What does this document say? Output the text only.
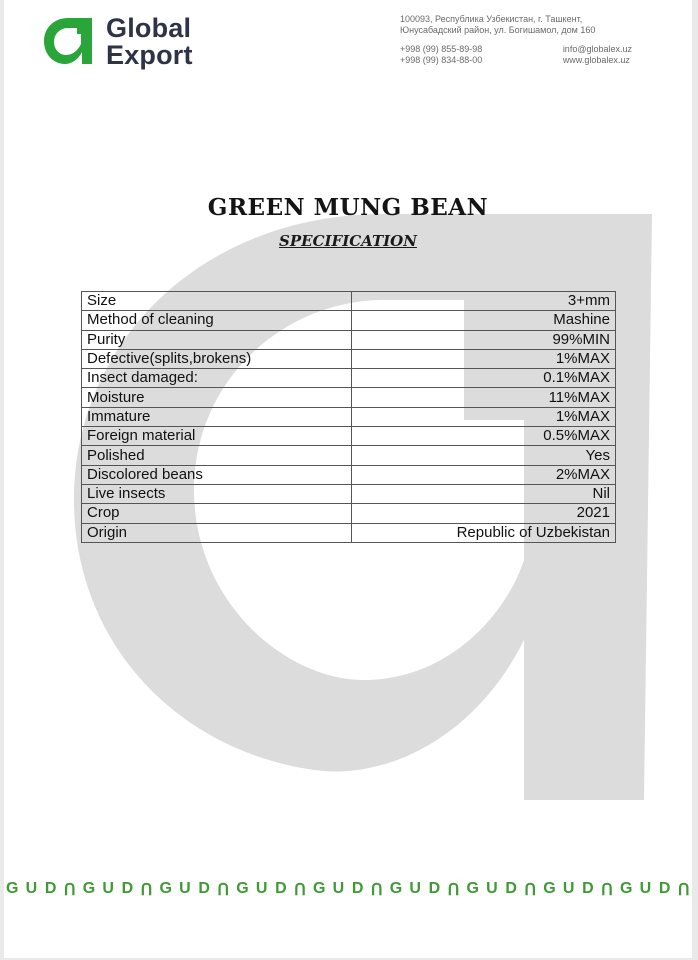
Global
Export
100093, Республика Узбекистан, г. Ташкент,
Юнусабадский район, ул. Богишамол, дом 160
+998 (99) 855-89-98
+998 (99) 834-88-00
info@globalex.uz
www.globalex.uz
GREEN MUNG BEAN
SPECIFICATION
Size	3+mm
Method of cleaning	Mashine
Purity	99%MIN
Defective(splits,brokens)	1%MAX
Insect damaged:	0.1%MAX
Moisture	11%MAX
Immature	1%MAX
Foreign material	0.5%MAX
Polished	Yes
Discolored beans	2%MAX
Live insects	Nil
Crop	2021
Origin	Republic of Uzbekistan
G U D Ո G U D Ո G U D Ո G U D Ո G U D Ո G U D Ո G U D Ո G U D Ո G U D Ո
